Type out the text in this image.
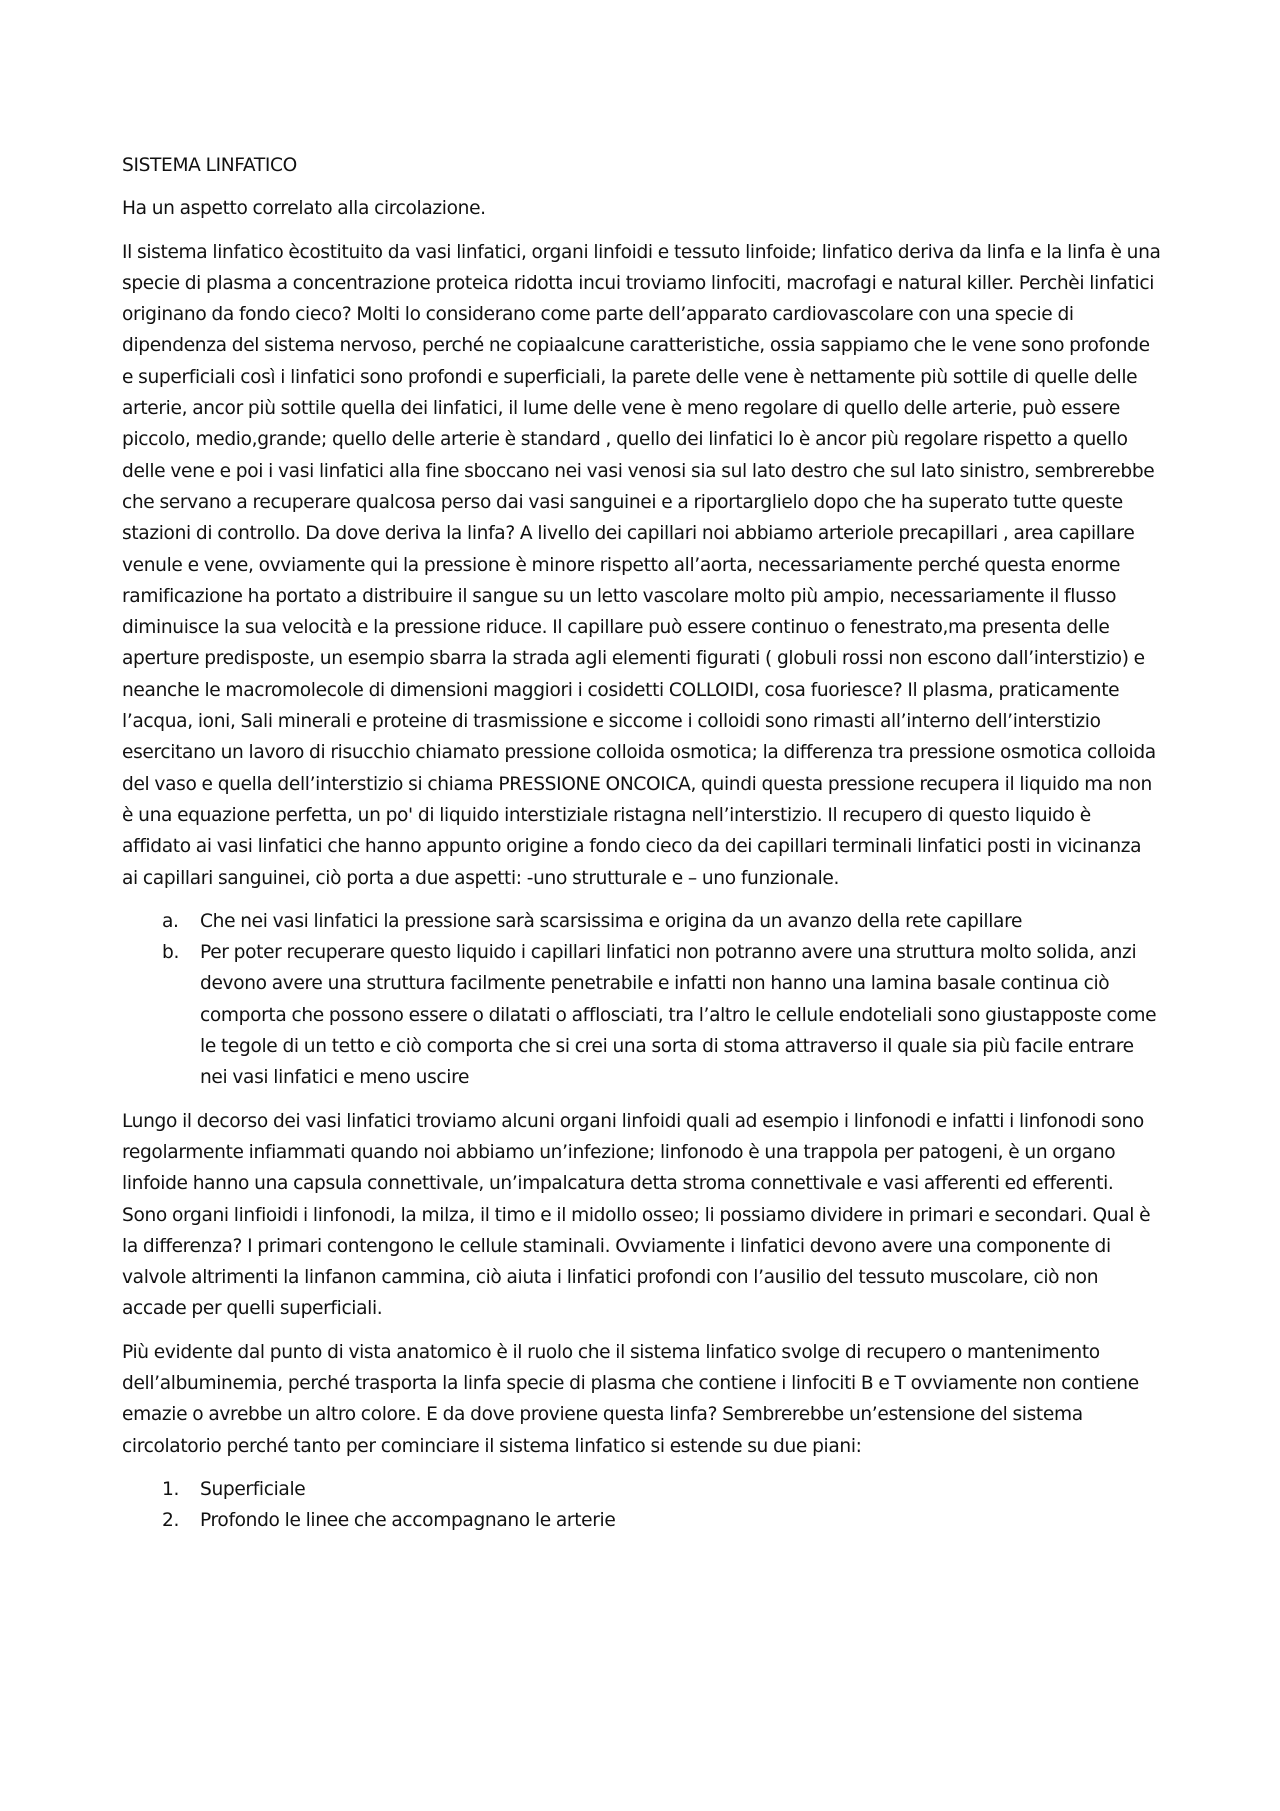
SISTEMA LINFATICO

Ha un aspetto correlato alla circolazione.

Il sistema linfatico ècostituito da vasi linfatici, organi linfoidi e tessuto linfoide; linfatico deriva da linfa e la linfa è una specie di plasma a concentrazione proteica ridotta incui troviamo linfociti, macrofagi e natural killer. Perchèi linfatici originano da fondo cieco? Molti lo considerano come parte dell’apparato cardiovascolare con una specie di dipendenza del sistema nervoso, perché ne copiaalcune caratteristiche, ossia sappiamo che le vene sono profonde e superficiali così i linfatici sono profondi e superficiali, la parete delle vene è nettamente più sottile di quelle delle arterie, ancor più sottile quella dei linfatici, il lume delle vene è meno regolare di quello delle arterie, può essere piccolo, medio,grande; quello delle arterie è standard , quello dei linfatici lo è ancor più regolare rispetto a quello delle vene e poi i vasi linfatici alla fine sboccano nei vasi venosi sia sul lato destro che sul lato sinistro, sembrerebbe che servano a recuperare qualcosa perso dai vasi sanguinei e a riportarglielo dopo che ha superato tutte queste stazioni di controllo. Da dove deriva la linfa? A livello dei capillari noi abbiamo arteriole precapillari , area capillare venule e vene, ovviamente qui la pressione è minore rispetto all’aorta, necessariamente perché questa enorme ramificazione ha portato a distribuire il sangue su un letto vascolare molto più ampio, necessariamente il flusso diminuisce la sua velocità e la pressione riduce. Il capillare può essere continuo o fenestrato,ma presenta delle aperture predisposte, un esempio sbarra la strada agli elementi figurati ( globuli rossi non escono dall’interstizio) e neanche le macromolecole di dimensioni maggiori i cosidetti COLLOIDI, cosa fuoriesce? Il plasma, praticamente l’acqua, ioni, Sali minerali e proteine di trasmissione e siccome i colloidi sono rimasti all’interno dell’interstizio esercitano un lavoro di risucchio chiamato pressione colloida osmotica; la differenza tra pressione osmotica colloida del vaso e quella dell’interstizio si chiama PRESSIONE ONCOICA, quindi questa pressione recupera il liquido ma non è una equazione perfetta, un po' di liquido interstiziale ristagna nell’interstizio. Il recupero di questo liquido è affidato ai vasi linfatici che hanno appunto origine a fondo cieco da dei capillari terminali linfatici posti in vicinanza ai capillari sanguinei, ciò porta a due aspetti: -uno strutturale e – uno funzionale.

a. Che nei vasi linfatici la pressione sarà scarsissima e origina da un avanzo della rete capillare
b. Per poter recuperare questo liquido i capillari linfatici non potranno avere una struttura molto solida, anzi devono avere una struttura facilmente penetrabile e infatti non hanno una lamina basale continua ciò comporta che possono essere o dilatati o afflosciati, tra l’altro le cellule endoteliali sono giustapposte come le tegole di un tetto e ciò comporta che si crei una sorta di stoma attraverso il quale sia più facile entrare nei vasi linfatici e meno uscire

Lungo il decorso dei vasi linfatici troviamo alcuni organi linfoidi quali ad esempio i linfonodi e infatti i linfonodi sono regolarmente infiammati quando noi abbiamo un’infezione; linfonodo è una trappola per patogeni, è un organo linfoide hanno una capsula connettivale, un’impalcatura detta stroma connettivale e vasi afferenti ed efferenti. Sono organi linfioidi i linfonodi, la milza, il timo e il midollo osseo; li possiamo dividere in primari e secondari. Qual è la differenza? I primari contengono le cellule staminali. Ovviamente i linfatici devono avere una componente di valvole altrimenti la linfanon cammina, ciò aiuta i linfatici profondi con l’ausilio del tessuto muscolare, ciò non accade per quelli superficiali.

Più evidente dal punto di vista anatomico è il ruolo che il sistema linfatico svolge di recupero o mantenimento dell’albuminemia, perché trasporta la linfa specie di plasma che contiene i linfociti B e T ovviamente non contiene emazie o avrebbe un altro colore. E da dove proviene questa linfa? Sembrerebbe un’estensione del sistema circolatorio perché tanto per cominciare il sistema linfatico si estende su due piani:

1. Superficiale
2. Profondo le linee che accompagnano le arterie
